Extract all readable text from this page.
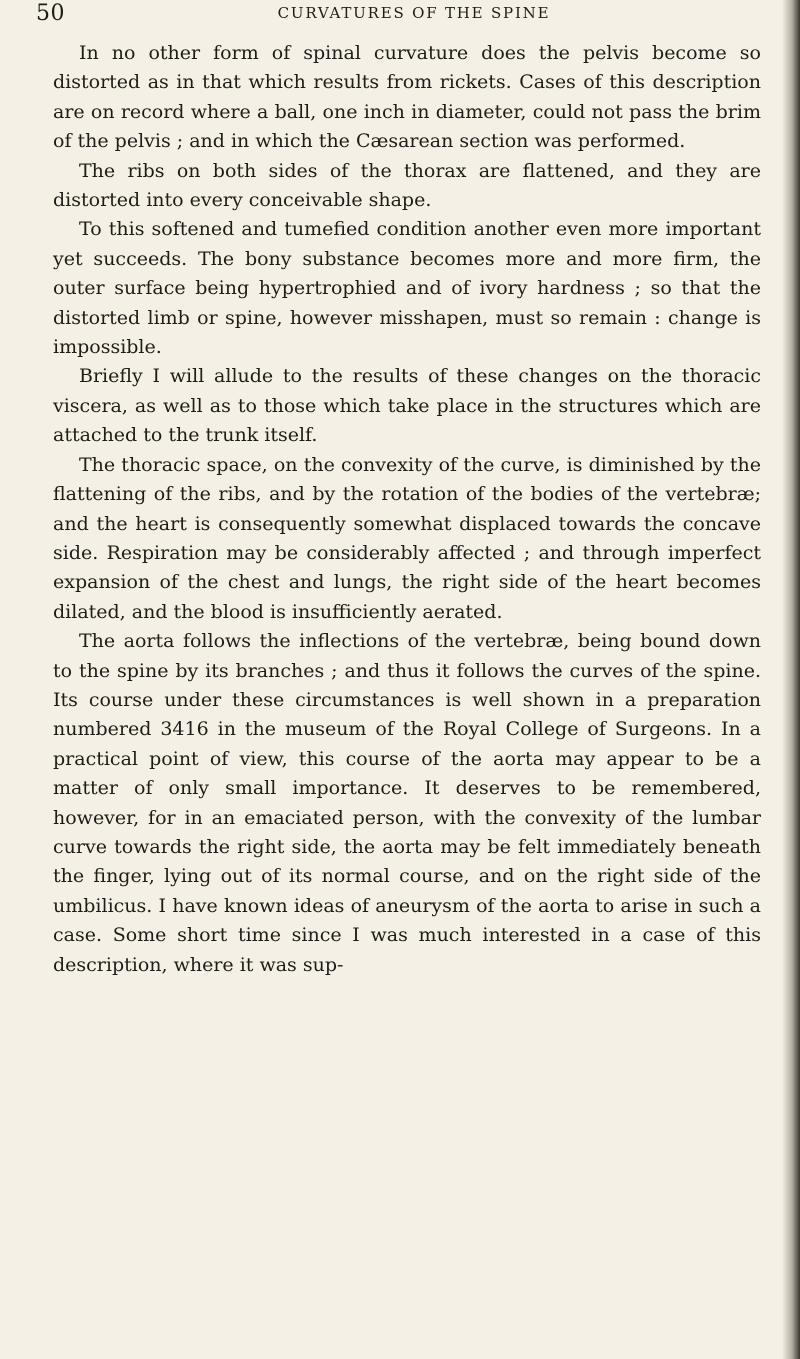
50	CURVATURES OF THE SPINE

In no other form of spinal curvature does the pelvis become so distorted as in that which results from rickets. Cases of this description are on record where a ball, one inch in diameter, could not pass the brim of the pelvis ; and in which the Cæsarean section was performed.

The ribs on both sides of the thorax are flattened, and they are distorted into every conceivable shape.

To this softened and tumefied condition another even more important yet succeeds. The bony substance becomes more and more firm, the outer surface being hypertrophied and of ivory hardness ; so that the distorted limb or spine, however misshapen, must so remain : change is impossible.

Briefly I will allude to the results of these changes on the thoracic viscera, as well as to those which take place in the structures which are attached to the trunk itself.

The thoracic space, on the convexity of the curve, is diminished by the flattening of the ribs, and by the rotation of the bodies of the vertebræ; and the heart is consequently somewhat displaced towards the concave side. Respiration may be considerably affected ; and through imperfect expansion of the chest and lungs, the right side of the heart becomes dilated, and the blood is insufficiently aerated.

The aorta follows the inflections of the vertebræ, being bound down to the spine by its branches ; and thus it follows the curves of the spine. Its course under these circumstances is well shown in a preparation numbered 3416 in the museum of the Royal College of Surgeons. In a practical point of view, this course of the aorta may appear to be a matter of only small importance. It deserves to be remembered, however, for in an emaciated person, with the convexity of the lumbar curve towards the right side, the aorta may be felt immediately beneath the finger, lying out of its normal course, and on the right side of the umbilicus. I have known ideas of aneurysm of the aorta to arise in such a case. Some short time since I was much interested in a case of this description, where it was sup-
